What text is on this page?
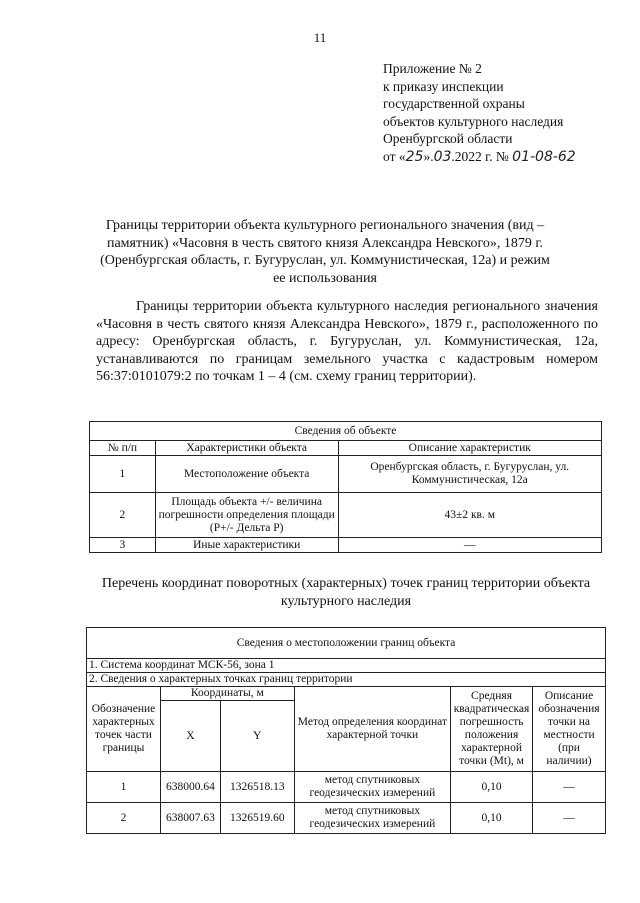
11
Приложение № 2
к приказу инспекции
государственной охраны
объектов культурного наследия
Оренбургской области
от «25».03.2022 г. № 01-08-62
Границы территории объекта культурного регионального значения (вид – памятник) «Часовня в честь святого князя Александра Невского», 1879 г. (Оренбургская область, г. Бугуруслан, ул. Коммунистическая, 12а) и режим ее использования
Границы территории объекта культурного наследия регионального значения «Часовня в честь святого князя Александра Невского», 1879 г., расположенного по адресу: Оренбургская область, г. Бугуруслан, ул. Коммунистическая, 12а, устанавливаются по границам земельного участка с кадастровым номером 56:37:0101079:2 по точкам 1 – 4 (см. схему границ территории).
Сведения об объекте		
№ п/п	Характеристики объекта	Описание характеристик
1	Местоположение объекта	Оренбургская область, г. Бугуруслан, ул. Коммунистическая, 12а
2	Площадь объекта +/- величина погрешности определения площади (P+/- Дельта P)	43±2 кв. м
3	Иные характеристики	—
Перечень координат поворотных (характерных) точек границ территории объекта культурного наследия
Сведения о местоположении границ объекта					
1. Система координат МСК-56, зона 1					
2. Сведения о характерных точках границ территории					
Обозначение характерных точек части границы	Координаты, м		Метод определения координат характерной точки	Средняя квадратическая погрешность положения характерной точки (Mt), м	Описание обозначения точки на местности (при наличии)
	X	Y			
1	638000.64	1326518.13	метод спутниковых геодезических измерений	0,10	—
2	638007.63	1326519.60	метод спутниковых геодезических измерений	0,10	—
